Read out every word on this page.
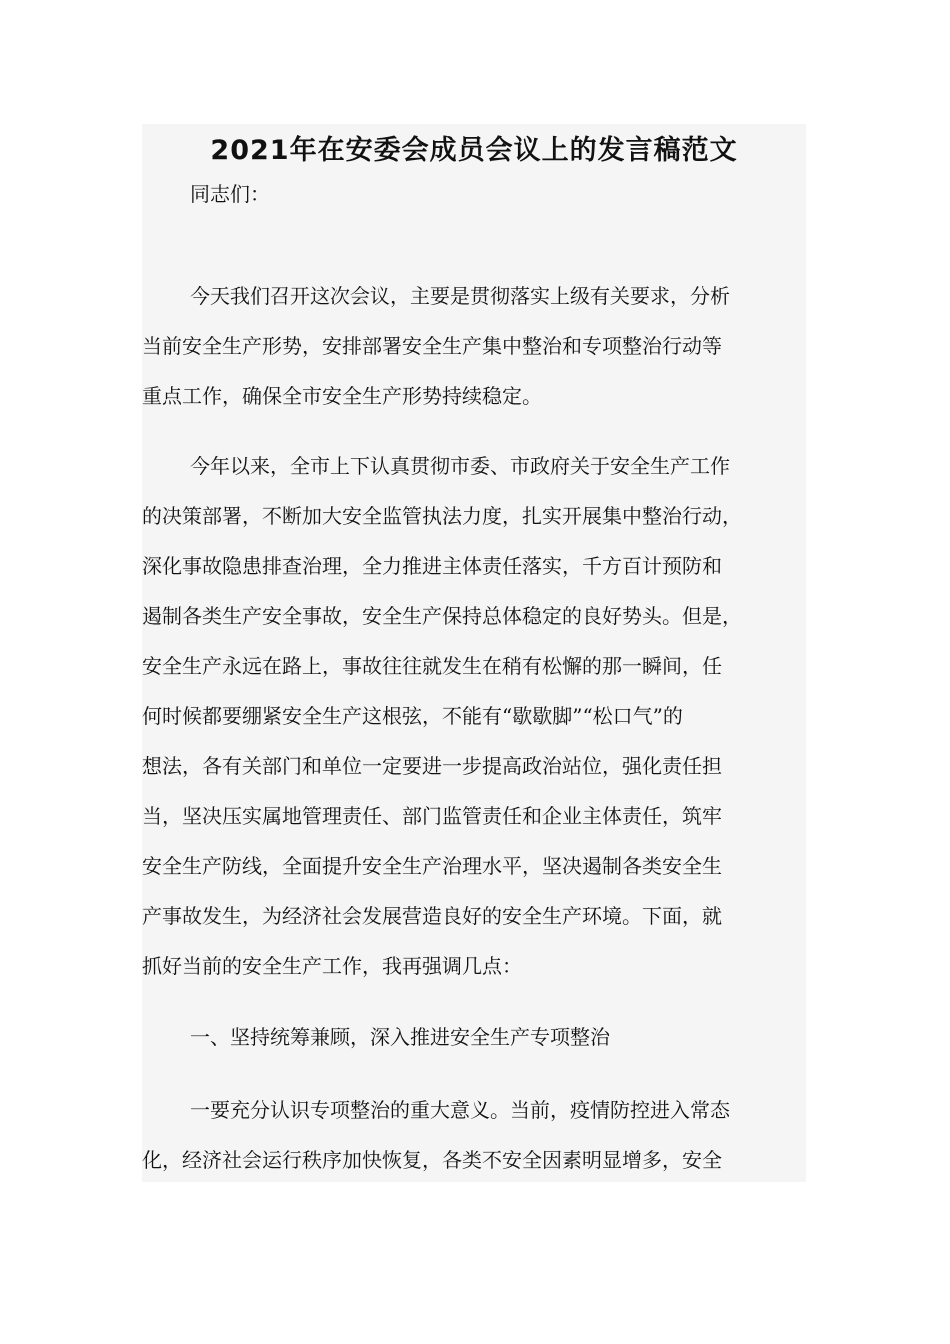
2021年在安委会成员会议上的发言稿范文
同志们：
今天我们召开这次会议，主要是贯彻落实上级有关要求，分析
当前安全生产形势，安排部署安全生产集中整治和专项整治行动等
重点工作，确保全市安全生产形势持续稳定。
今年以来，全市上下认真贯彻市委、市政府关于安全生产工作
的决策部署，不断加大安全监管执法力度，扎实开展集中整治行动，
深化事故隐患排查治理，全力推进主体责任落实，千方百计预防和
遏制各类生产安全事故，安全生产保持总体稳定的良好势头。但是，
安全生产永远在路上，事故往往就发生在稍有松懈的那一瞬间，任
何时候都要绷紧安全生产这根弦，不能有“歇歇脚”“松口气”的
想法，各有关部门和单位一定要进一步提高政治站位，强化责任担
当，坚决压实属地管理责任、部门监管责任和企业主体责任，筑牢
安全生产防线，全面提升安全生产治理水平，坚决遏制各类安全生
产事故发生，为经济社会发展营造良好的安全生产环境。下面，就
抓好当前的安全生产工作，我再强调几点：
一、坚持统筹兼顾，深入推进安全生产专项整治
一要充分认识专项整治的重大意义。当前，疫情防控进入常态
化，经济社会运行秩序加快恢复，各类不安全因素明显增多，安全
